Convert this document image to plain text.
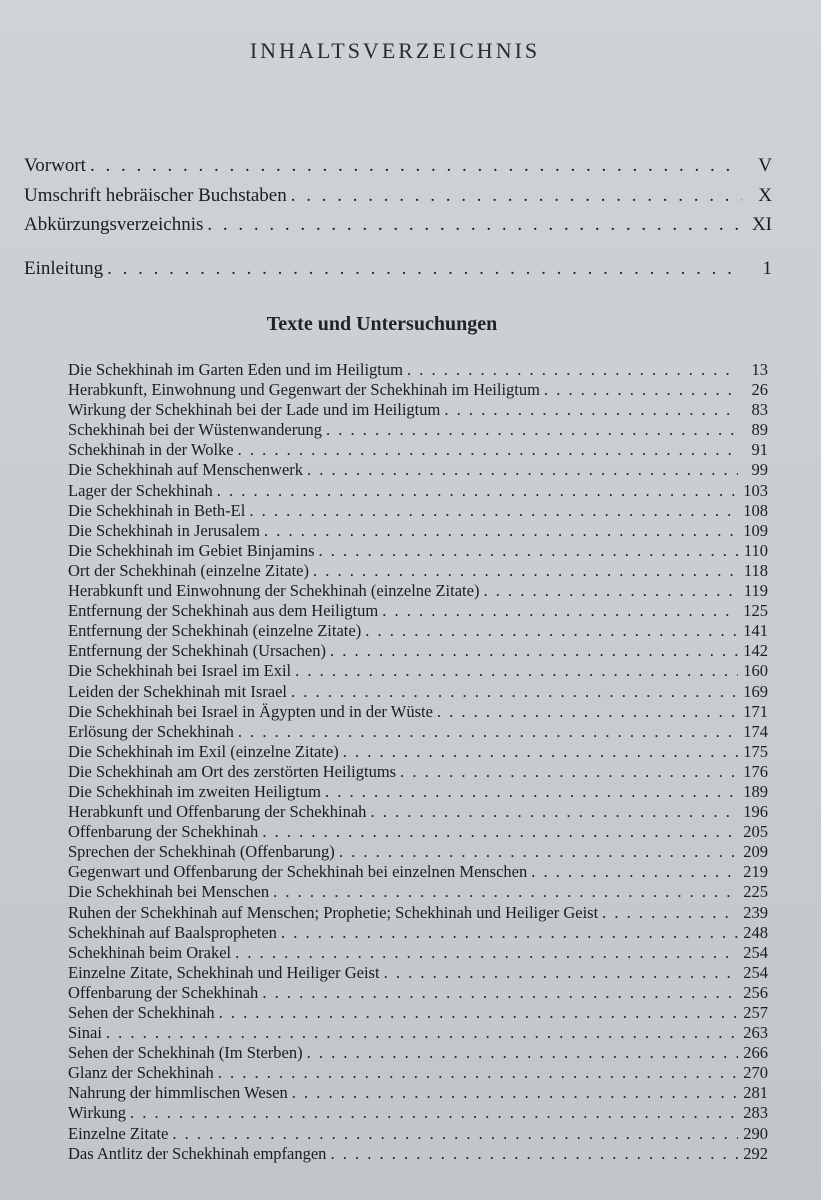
INHALTSVERZEICHNIS
Vorwort . . .	V
Umschrift hebräischer Buchstaben . . .	X
Abkürzungsverzeichnis . . .	XI
Einleitung . . .	1
Texte und Untersuchungen
Die Schekhinah im Garten Eden und im Heiligtum . . .	13
Herabkunft, Einwohnung und Gegenwart der Schekhinah im Heiligtum . . .	26
Wirkung der Schekhinah bei der Lade und im Heiligtum . . .	83
Schekhinah bei der Wüstenwanderung . . .	89
Schekhinah in der Wolke . . .	91
Die Schekhinah auf Menschenwerk . . .	99
Lager der Schekhinah . . .	103
Die Schekhinah in Beth-El . . .	108
Die Schekhinah in Jerusalem . . .	109
Die Schekhinah im Gebiet Binjamins . . .	110
Ort der Schekhinah (einzelne Zitate) . . .	118
Herabkunft und Einwohnung der Schekhinah (einzelne Zitate) . . .	119
Entfernung der Schekhinah aus dem Heiligtum . . .	125
Entfernung der Schekhinah (einzelne Zitate) . . .	141
Entfernung der Schekhinah (Ursachen) . . .	142
Die Schekhinah bei Israel im Exil . . .	160
Leiden der Schekhinah mit Israel . . .	169
Die Schekhinah bei Israel in Ägypten und in der Wüste . . .	171
Erlösung der Schekhinah . . .	174
Die Schekhinah im Exil (einzelne Zitate) . . .	175
Die Schekhinah am Ort des zerstörten Heiligtums . . .	176
Die Schekhinah im zweiten Heiligtum . . .	189
Herabkunft und Offenbarung der Schekhinah . . .	196
Offenbarung der Schekhinah . . .	205
Sprechen der Schekhinah (Offenbarung) . . .	209
Gegenwart und Offenbarung der Schekhinah bei einzelnen Menschen . . .	219
Die Schekhinah bei Menschen . . .	225
Ruhen der Schekhinah auf Menschen; Prophetie; Schekhinah und Heiliger Geist . . .	239
Schekhinah auf Baalspropheten . . .	248
Schekhinah beim Orakel . . .	254
Einzelne Zitate, Schekhinah und Heiliger Geist . . .	254
Offenbarung der Schekhinah . . .	256
Sehen der Schekhinah . . .	257
Sinai . . .	263
Sehen der Schekhinah (Im Sterben) . . .	266
Glanz der Schekhinah . . .	270
Nahrung der himmlischen Wesen . . .	281
Wirkung . . .	283
Einzelne Zitate . . .	290
Das Antlitz der Schekhinah empfangen . . .	292
